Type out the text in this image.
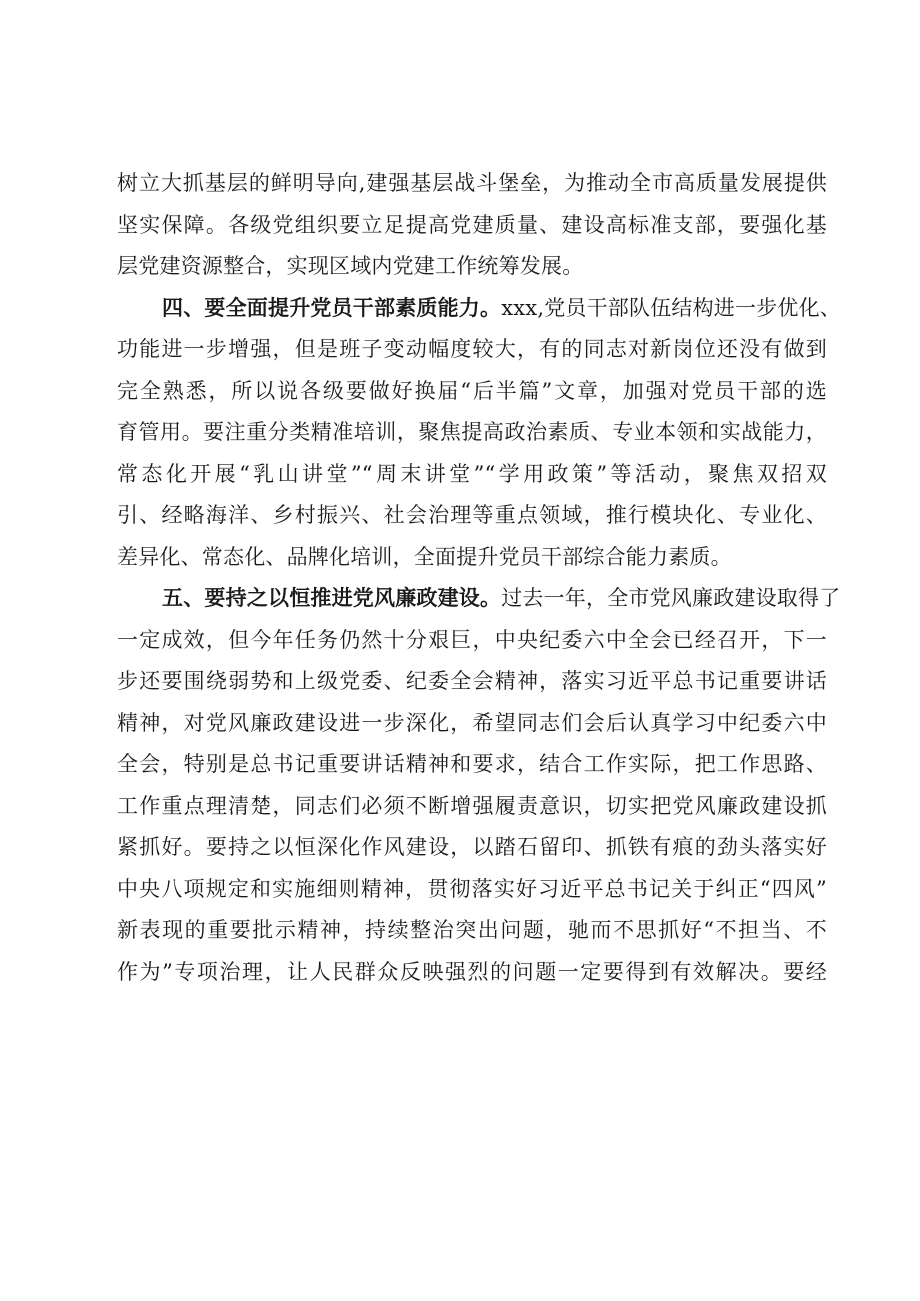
树立大抓基层的鲜明导向,建强基层战斗堡垒，为推动全市高质量发展提供
坚实保障。各级党组织要立足提高党建质量、建设高标准支部，要强化基
层党建资源整合，实现区域内党建工作统筹发展。
四、要全面提升党员干部素质能力。xxx,党员干部队伍结构进一步优化、
功能进一步增强，但是班子变动幅度较大，有的同志对新岗位还没有做到
完全熟悉，所以说各级要做好换届“后半篇”文章，加强对党员干部的选
育管用。要注重分类精准培训，聚焦提高政治素质、专业本领和实战能力，
常态化开展“乳山讲堂”“周末讲堂”“学用政策”等活动，聚焦双招双
引、经略海洋、乡村振兴、社会治理等重点领域，推行模块化、专业化、
差异化、常态化、品牌化培训，全面提升党员干部综合能力素质。
五、要持之以恒推进党风廉政建设。过去一年，全市党风廉政建设取得了
一定成效，但今年任务仍然十分艰巨，中央纪委六中全会已经召开，下一
步还要围绕弱势和上级党委、纪委全会精神，落实习近平总书记重要讲话
精神，对党风廉政建设进一步深化，希望同志们会后认真学习中纪委六中
全会，特别是总书记重要讲话精神和要求，结合工作实际，把工作思路、
工作重点理清楚，同志们必须不断增强履责意识，切实把党风廉政建设抓
紧抓好。要持之以恒深化作风建设，以踏石留印、抓铁有痕的劲头落实好
中央八项规定和实施细则精神，贯彻落实好习近平总书记关于纠正“四风”
新表现的重要批示精神，持续整治突出问题，驰而不思抓好“不担当、不
作为”专项治理，让人民群众反映强烈的问题一定要得到有效解决。要经
